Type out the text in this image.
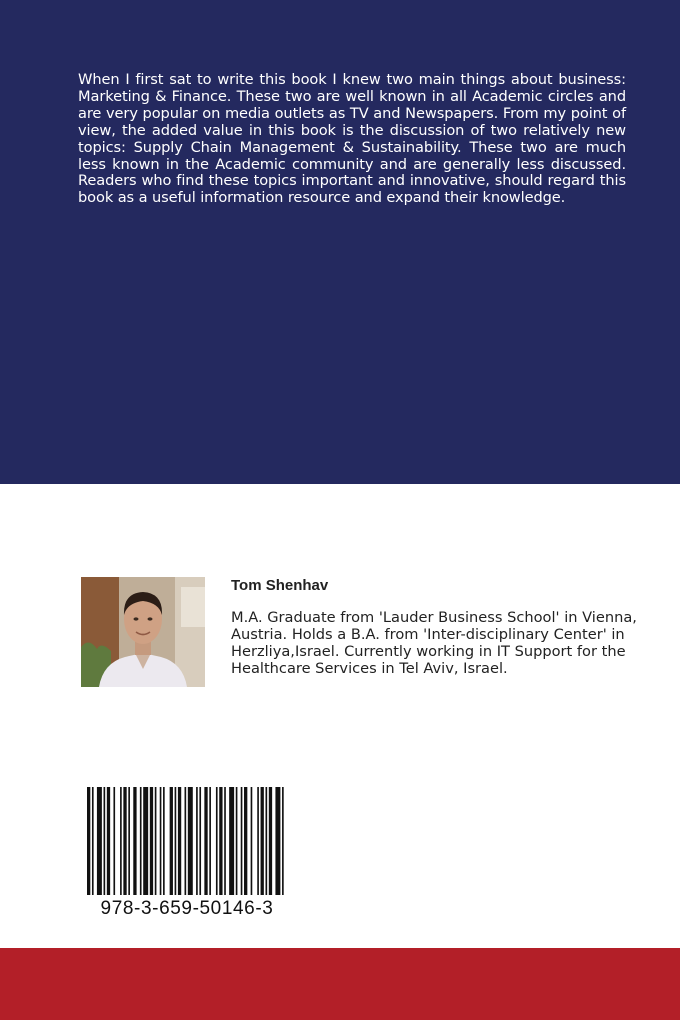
When I first sat to write this book I knew two main things about business: Marketing & Finance. These two are well known in all Academic circles and are very popular on media outlets as TV and Newspapers. From my point of view, the added value in this book is the discussion of two relatively new topics: Supply Chain Management & Sustainability. These two are much less known in the Academic community and are generally less discussed. Readers who find these topics important and innovative, should regard this book as a useful information resource and expand their knowledge.

Tom Shenhav

M.A. Graduate from 'Lauder Business School' in Vienna, Austria. Holds a B.A. from 'Inter-disciplinary Center' in Herzliya,Israel. Currently working in IT Support for the Healthcare Services in Tel Aviv, Israel.

978-3-659-50146-3
